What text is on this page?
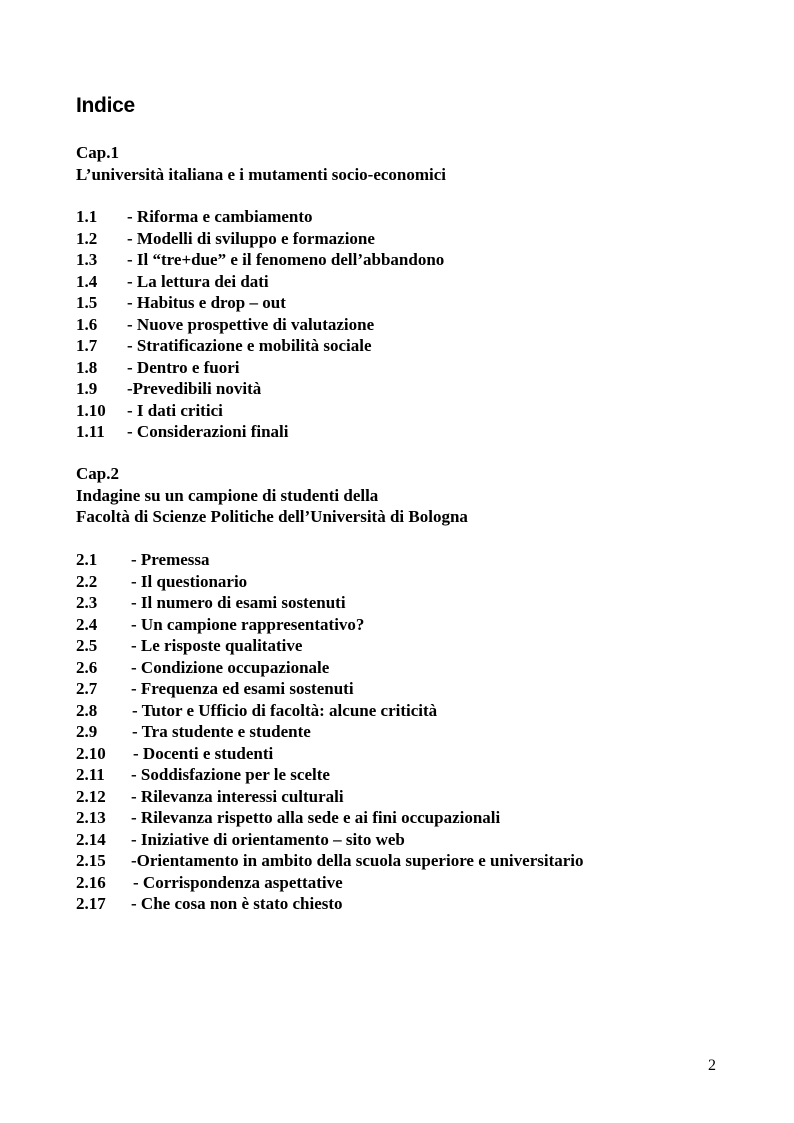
Indice
Cap.1
L’università italiana e i mutamenti socio-economici
1.1 - Riforma e cambiamento
1.2 - Modelli di sviluppo e formazione
1.3 - Il “tre+due” e il fenomeno dell’abbandono
1.4 - La lettura dei dati
1.5 - Habitus e drop – out
1.6 - Nuove prospettive di valutazione
1.7 - Stratificazione e mobilità sociale
1.8 - Dentro e fuori
1.9 -Prevedibili novità
1.10 - I dati critici
1.11 - Considerazioni finali
Cap.2
Indagine su un campione di studenti della
Facoltà di Scienze Politiche dell’Università di Bologna
2.1 - Premessa
2.2 - Il questionario
2.3 - Il numero di esami sostenuti
2.4 - Un campione rappresentativo?
2.5 - Le risposte qualitative
2.6 - Condizione occupazionale
2.7 - Frequenza ed esami sostenuti
2.8 - Tutor e Ufficio di facoltà: alcune criticità
2.9 - Tra studente e studente
2.10 - Docenti e studenti
2.11 - Soddisfazione per le scelte
2.12 - Rilevanza interessi culturali
2.13 - Rilevanza rispetto alla sede e ai fini occupazionali
2.14 - Iniziative di orientamento – sito web
2.15 -Orientamento in ambito della scuola superiore e universitario
2.16 - Corrispondenza aspettative
2.17 - Che cosa non è stato chiesto
2
